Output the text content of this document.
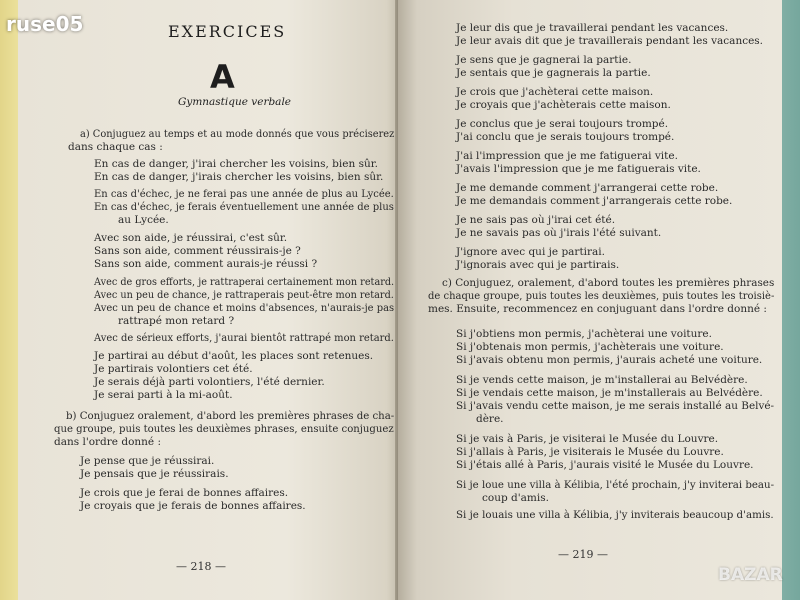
EXERCICES
A
Gymnastique verbale
a) Conjuguez au temps et au mode donnés que vous préciserez
dans chaque cas :
En cas de danger, j'irai chercher les voisins, bien sûr.
En cas de danger, j'irais chercher les voisins, bien sûr.
En cas d'échec, je ne ferai pas une année de plus au Lycée.
En cas d'échec, je ferais éventuellement une année de plus
au Lycée.
Avec son aide, je réussirai, c'est sûr.
Sans son aide, comment réussirais-je ?
Sans son aide, comment aurais-je réussi ?
Avec de gros efforts, je rattraperai certainement mon retard.
Avec un peu de chance, je rattraperais peut-être mon retard.
Avec un peu de chance et moins d'absences, n'aurais-je pas
rattrapé mon retard ?
Avec de sérieux efforts, j'aurai bientôt rattrapé mon retard.
Je partirai au début d'août, les places sont retenues.
Je partirais volontiers cet été.
Je serais déjà parti volontiers, l'été dernier.
Je serai parti à la mi-août.
b) Conjuguez oralement, d'abord les premières phrases de cha-
que groupe, puis toutes les deuxièmes phrases, ensuite conjuguez
dans l'ordre donné :
Je pense que je réussirai.
Je pensais que je réussirais.
Je crois que je ferai de bonnes affaires.
Je croyais que je ferais de bonnes affaires.
— 218 —
Je leur dis que je travaillerai pendant les vacances.
Je leur avais dit que je travaillerais pendant les vacances.
Je sens que je gagnerai la partie.
Je sentais que je gagnerais la partie.
Je crois que j'achèterai cette maison.
Je croyais que j'achèterais cette maison.
Je conclus que je serai toujours trompé.
J'ai conclu que je serais toujours trompé.
J'ai l'impression que je me fatiguerai vite.
J'avais l'impression que je me fatiguerais vite.
Je me demande comment j'arrangerai cette robe.
Je me demandais comment j'arrangerais cette robe.
Je ne sais pas où j'irai cet été.
Je ne savais pas où j'irais l'été suivant.
J'ignore avec qui je partirai.
J'ignorais avec qui je partirais.
c) Conjuguez, oralement, d'abord toutes les premières phrases
de chaque groupe, puis toutes les deuxièmes, puis toutes les troisiè-
mes. Ensuite, recommencez en conjuguant dans l'ordre donné :
Si j'obtiens mon permis, j'achèterai une voiture.
Si j'obtenais mon permis, j'achèterais une voiture.
Si j'avais obtenu mon permis, j'aurais acheté une voiture.
Si je vends cette maison, je m'installerai au Belvédère.
Si je vendais cette maison, je m'installerais au Belvédère.
Si j'avais vendu cette maison, je me serais installé au Belvé-
dère.
Si je vais à Paris, je visiterai le Musée du Louvre.
Si j'allais à Paris, je visiterais le Musée du Louvre.
Si j'étais allé à Paris, j'aurais visité le Musée du Louvre.
Si je loue une villa à Kélibia, l'été prochain, j'y inviterai beau-
coup d'amis.
Si je louais une villa à Kélibia, j'y inviterais beaucoup d'amis.
— 219 —
ruse05
BAZAR
